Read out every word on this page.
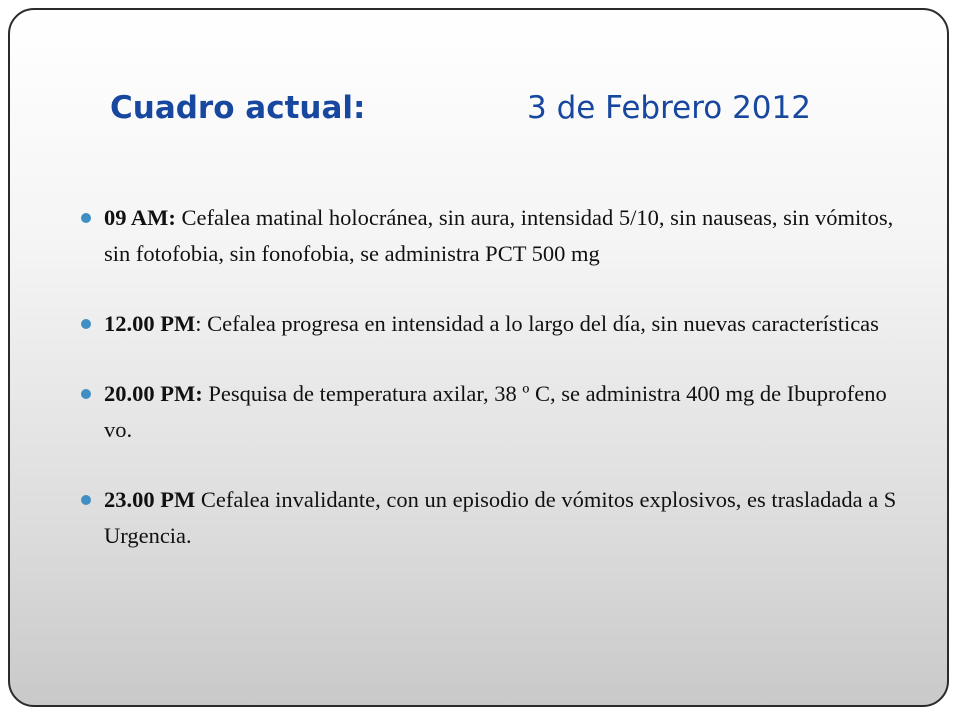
Cuadro actual:	3 de Febrero 2012
09 AM: Cefalea matinal holocránea, sin aura, intensidad 5/10, sin nauseas, sin vómitos, sin fotofobia, sin fonofobia, se administra PCT 500 mg
12.00 PM: Cefalea progresa en intensidad a lo largo del día, sin nuevas características
20.00 PM: Pesquisa de temperatura axilar, 38 º C, se administra 400 mg de Ibuprofeno vo.
23.00 PM Cefalea invalidante, con un episodio de vómitos explosivos, es trasladada a S Urgencia.
